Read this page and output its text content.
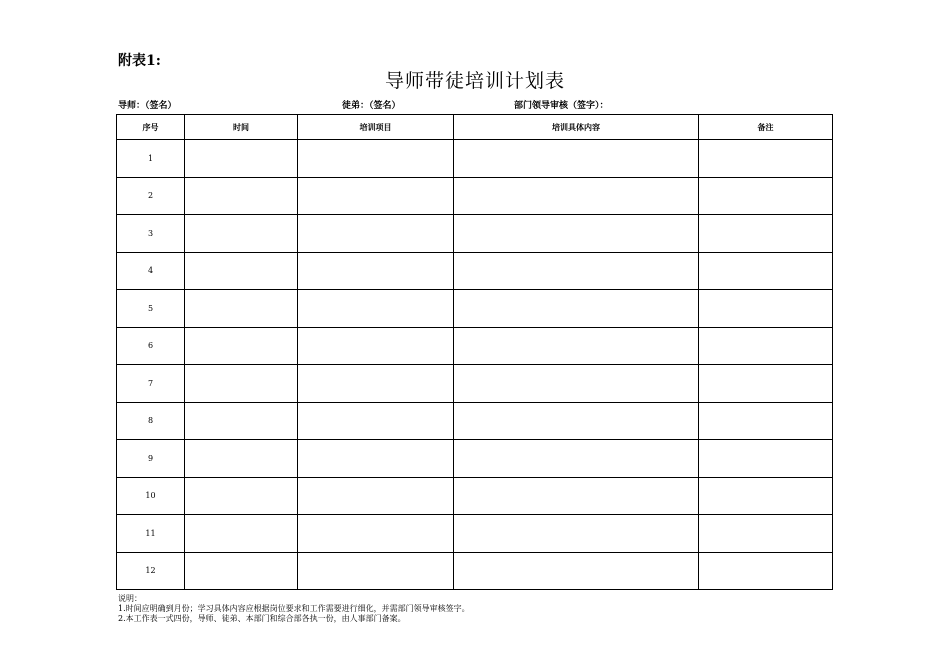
附表1:
导师带徒培训计划表
导师：（签名）	徒弟：（签名）	部门领导审核（签字）：
序号	时间	培训项目	培训具体内容	备注
1				
2				
3				
4				
5				
6				
7				
8				
9				
10				
11				
12				
说明：
1.时间应明确到月份；学习具体内容应根据岗位要求和工作需要进行细化，并需部门领导审核签字。
2.本工作表一式四份，导师、徒弟、本部门和综合部各执一份，由人事部门备案。
